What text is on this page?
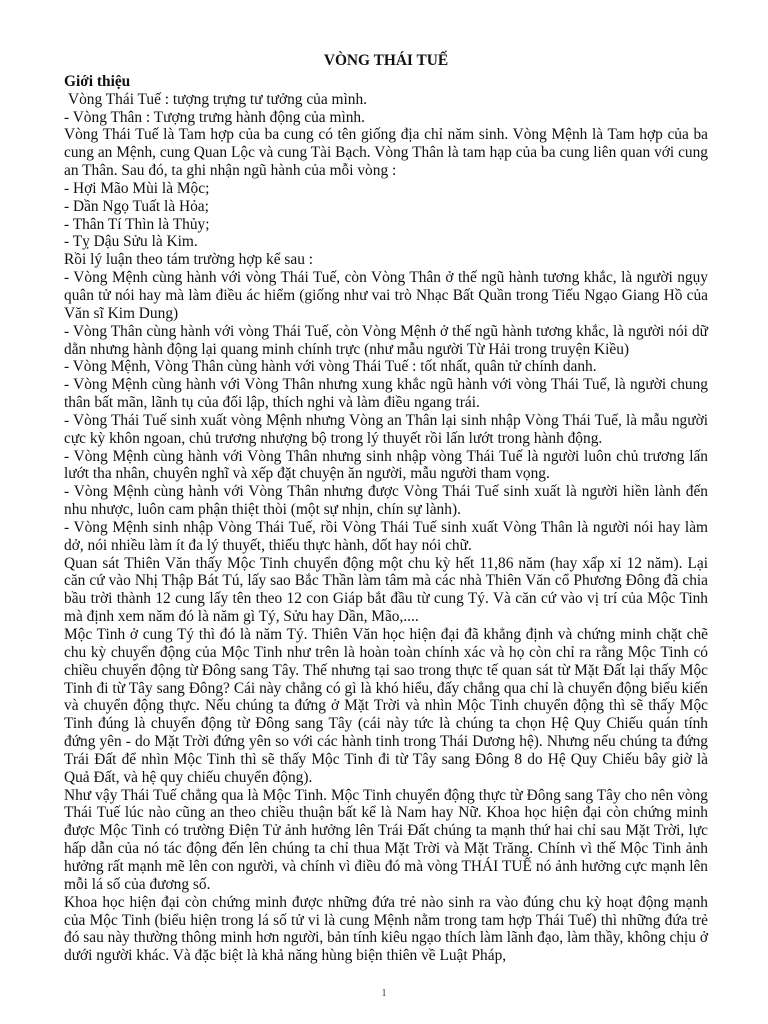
VÒNG THÁI TUẾ
Giới thiệu
Vòng Thái Tuế : tượng trựng tư tưởng của mình.
- Vòng Thân : Tượng trưng hành động của mình.
Vòng Thái Tuế là Tam hợp của ba cung có tên giống địa chỉ năm sinh. Vòng Mệnh là Tam hợp của ba cung an Mệnh, cung Quan Lộc và cung Tài Bạch. Vòng Thân là tam hạp của ba cung liên quan với cung an Thân. Sau đó, ta ghi nhận ngũ hành của mỗi vòng :
- Hợi Mão Mùi là Mộc;
- Dần Ngọ Tuất là Hỏa;
- Thân Tí Thìn là Thủy;
- Tỵ Dậu Sửu là Kim.
Rồi lý luận theo tám trường hợp kể sau :
- Vòng Mệnh cùng hành với vòng Thái Tuế, còn Vòng Thân ở thế ngũ hành tương khắc, là người ngụy quân tử nói hay mà làm điều ác hiểm (giống như vai trò Nhạc Bất Quần trong Tiếu Ngạo Giang Hồ của Văn sĩ Kim Dung)
- Vòng Thân cùng hành với vòng Thái Tuế, còn Vòng Mệnh ở thế ngũ hành tương khắc, là người nói dữ dằn nhưng hành động lại quang minh chính trực (như mẫu người Từ Hải trong truyện Kiều)
- Vòng Mệnh, Vòng Thân cùng hành với vòng Thái Tuế : tốt nhất, quân tử chính danh.
- Vòng Mệnh cùng hành với Vòng Thân nhưng xung khắc ngũ hành với vòng Thái Tuế, là người chung thân bất mãn, lãnh tụ của đối lập, thích nghi và làm điều ngang trái.
- Vòng Thái Tuế sinh xuất vòng Mệnh nhưng Vòng an Thân lại sinh nhập Vòng Thái Tuế, là mẫu người cực kỳ khôn ngoan, chủ trương nhượng bộ trong lý thuyết rồi lấn lướt trong hành động.
- Vòng Mệnh cùng hành với Vòng Thân nhưng sinh nhập vòng Thái Tuế là người luôn chủ trương lấn lướt tha nhân, chuyên nghĩ và xếp đặt chuyện ăn người, mẫu người tham vọng.
- Vòng Mệnh cùng hành với Vòng Thân nhưng được Vòng Thái Tuế sinh xuất là người hiền lành đến nhu nhược, luôn cam phận thiệt thòi (một sự nhịn, chín sự lành).
- Vòng Mệnh sinh nhập Vòng Thái Tuế, rồi Vòng Thái Tuế sinh xuất Vòng Thân là người nói hay làm dở, nói nhiều làm ít đa lý thuyết, thiếu thực hành, dốt hay nói chữ.
Quan sát Thiên Văn thấy Mộc Tinh chuyển động một chu kỳ hết 11,86 năm (hay xấp xỉ 12 năm). Lại căn cứ vào Nhị Thập Bát Tú, lấy sao Bắc Thần làm tâm mà các nhà Thiên Văn cổ Phương Đông đã chia bầu trời thành 12 cung lấy tên theo 12 con Giáp bắt đầu từ cung Tý. Và căn cứ vào vị trí của Mộc Tinh mà định xem năm đó là năm gì Tý, Sửu hay Dần, Mão,....
Mộc Tinh ở cung Tý thì đó là năm Tý. Thiên Văn học hiện đại đã khẳng định và chứng minh chặt chẽ chu kỳ chuyển động của Mộc Tinh như trên là hoàn toàn chính xác và họ còn chỉ ra rằng Mộc Tinh có chiều chuyển động từ Đông sang Tây. Thế nhưng tại sao trong thực tế quan sát từ Mặt Đất lại thấy Mộc Tinh đi từ Tây sang Đông? Cái này chẳng có gì là khó hiểu, đấy chẳng qua chỉ là chuyển động biểu kiến và chuyển động thực. Nếu chúng ta đứng ở Mặt Trời và nhìn Mộc Tinh chuyển động thì sẽ thấy Mộc Tinh đúng là chuyển động từ Đông sang Tây (cái này tức là chúng ta chọn Hệ Quy Chiếu quán tính đứng yên - do Mặt Trời đứng yên so với các hành tinh trong Thái Dương hệ). Nhưng nếu chúng ta đứng Trái Đất để nhìn Mộc Tinh thì sẽ thấy Mộc Tinh đi từ Tây sang Đông 8 do Hệ Quy Chiếu bây giờ là Quả Đất, và hệ quy chiếu chuyển động).
Như vậy Thái Tuế chẳng qua là Mộc Tinh. Mộc Tinh chuyển động thực từ Đông sang Tây cho nên vòng Thái Tuế lúc nào cũng an theo chiều thuận bất kể là Nam hay Nữ. Khoa học hiện đại còn chứng minh được Mộc Tinh có trường Điện Tử ảnh hưởng lên Trái Đất chúng ta mạnh thứ hai chỉ sau Mặt Trời, lực hấp dẫn của nó tác động đến lên chúng ta chỉ thua Mặt Trời và Mặt Trăng. Chính vì thế Mộc Tinh ảnh hưởng rất mạnh mẽ lên con người, và chính vì điều đó mà vòng THÁI TUẾ nó ảnh hưởng cực mạnh lên mỗi lá số của đương số.
Khoa học hiện đại còn chứng minh được những đứa trẻ nào sinh ra vào đúng chu kỳ hoạt động mạnh của Mộc Tinh (biểu hiện trong lá số tử vi là cung Mệnh nằm trong tam hợp Thái Tuế) thì những đứa trẻ đó sau này thường thông minh hơn người, bản tính kiêu ngạo thích làm lãnh đạo, làm thầy, không chịu ở dưới người khác. Và đặc biệt là khả năng hùng biện thiên về Luật Pháp,
1
